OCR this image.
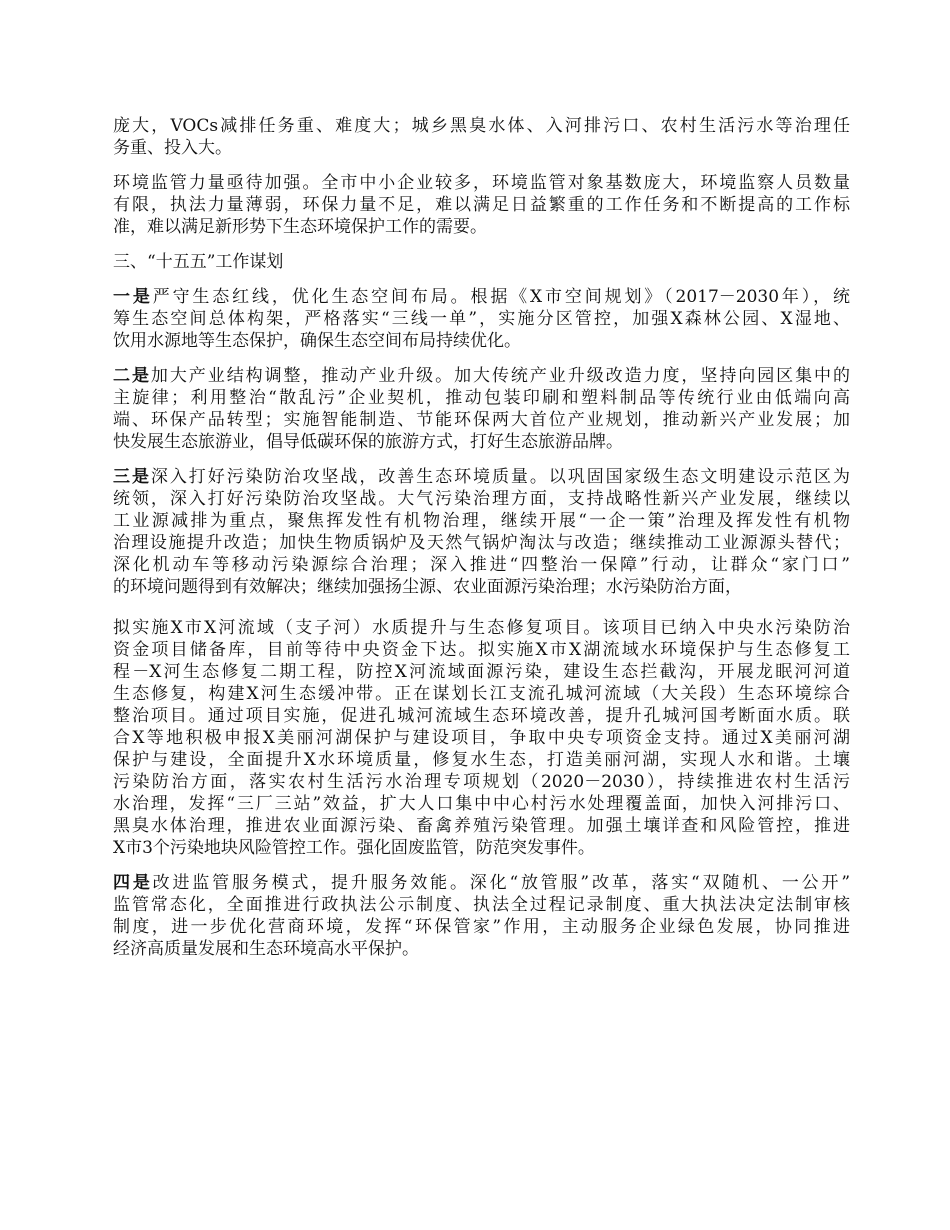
庞大，VOCs减排任务重、难度大；城乡黑臭水体、入河排污口、农村生活污水等治理任
务重、投入大。
环境监管力量亟待加强。全市中小企业较多，环境监管对象基数庞大，环境监察人员数量
有限，执法力量薄弱，环保力量不足，难以满足日益繁重的工作任务和不断提高的工作标
准，难以满足新形势下生态环境保护工作的需要。
三、“十五五”工作谋划
一是严守生态红线，优化生态空间布局。根据《X市空间规划》（2017－2030年），统
筹生态空间总体构架，严格落实“三线一单”，实施分区管控，加强X森林公园、X湿地、
饮用水源地等生态保护，确保生态空间布局持续优化。
二是加大产业结构调整，推动产业升级。加大传统产业升级改造力度，坚持向园区集中的
主旋律；利用整治“散乱污”企业契机，推动包装印刷和塑料制品等传统行业由低端向高
端、环保产品转型；实施智能制造、节能环保两大首位产业规划，推动新兴产业发展；加
快发展生态旅游业，倡导低碳环保的旅游方式，打好生态旅游品牌。
三是深入打好污染防治攻坚战，改善生态环境质量。以巩固国家级生态文明建设示范区为
统领，深入打好污染防治攻坚战。大气污染治理方面，支持战略性新兴产业发展，继续以
工业源减排为重点，聚焦挥发性有机物治理，继续开展“一企一策”治理及挥发性有机物
治理设施提升改造；加快生物质锅炉及天然气锅炉淘汰与改造；继续推动工业源源头替代；
深化机动车等移动污染源综合治理；深入推进“四整治一保障”行动，让群众“家门口”
的环境问题得到有效解决；继续加强扬尘源、农业面源污染治理；水污染防治方面，
拟实施X市X河流域（支子河）水质提升与生态修复项目。该项目已纳入中央水污染防治
资金项目储备库，目前等待中央资金下达。拟实施X市X湖流域水环境保护与生态修复工
程－X河生态修复二期工程，防控X河流域面源污染，建设生态拦截沟，开展龙眠河河道
生态修复，构建X河生态缓冲带。正在谋划长江支流孔城河流域（大关段）生态环境综合
整治项目。通过项目实施，促进孔城河流域生态环境改善，提升孔城河国考断面水质。联
合X等地积极申报X美丽河湖保护与建设项目，争取中央专项资金支持。通过X美丽河湖
保护与建设，全面提升X水环境质量，修复水生态，打造美丽河湖，实现人水和谐。土壤
污染防治方面，落实农村生活污水治理专项规划（2020－2030），持续推进农村生活污
水治理，发挥“三厂三站”效益，扩大人口集中中心村污水处理覆盖面，加快入河排污口、
黑臭水体治理，推进农业面源污染、畜禽养殖污染管理。加强土壤详查和风险管控，推进
X市3个污染地块风险管控工作。强化固废监管，防范突发事件。
四是改进监管服务模式，提升服务效能。深化“放管服”改革，落实“双随机、一公开”
监管常态化，全面推进行政执法公示制度、执法全过程记录制度、重大执法决定法制审核
制度，进一步优化营商环境，发挥“环保管家”作用，主动服务企业绿色发展，协同推进
经济高质量发展和生态环境高水平保护。
